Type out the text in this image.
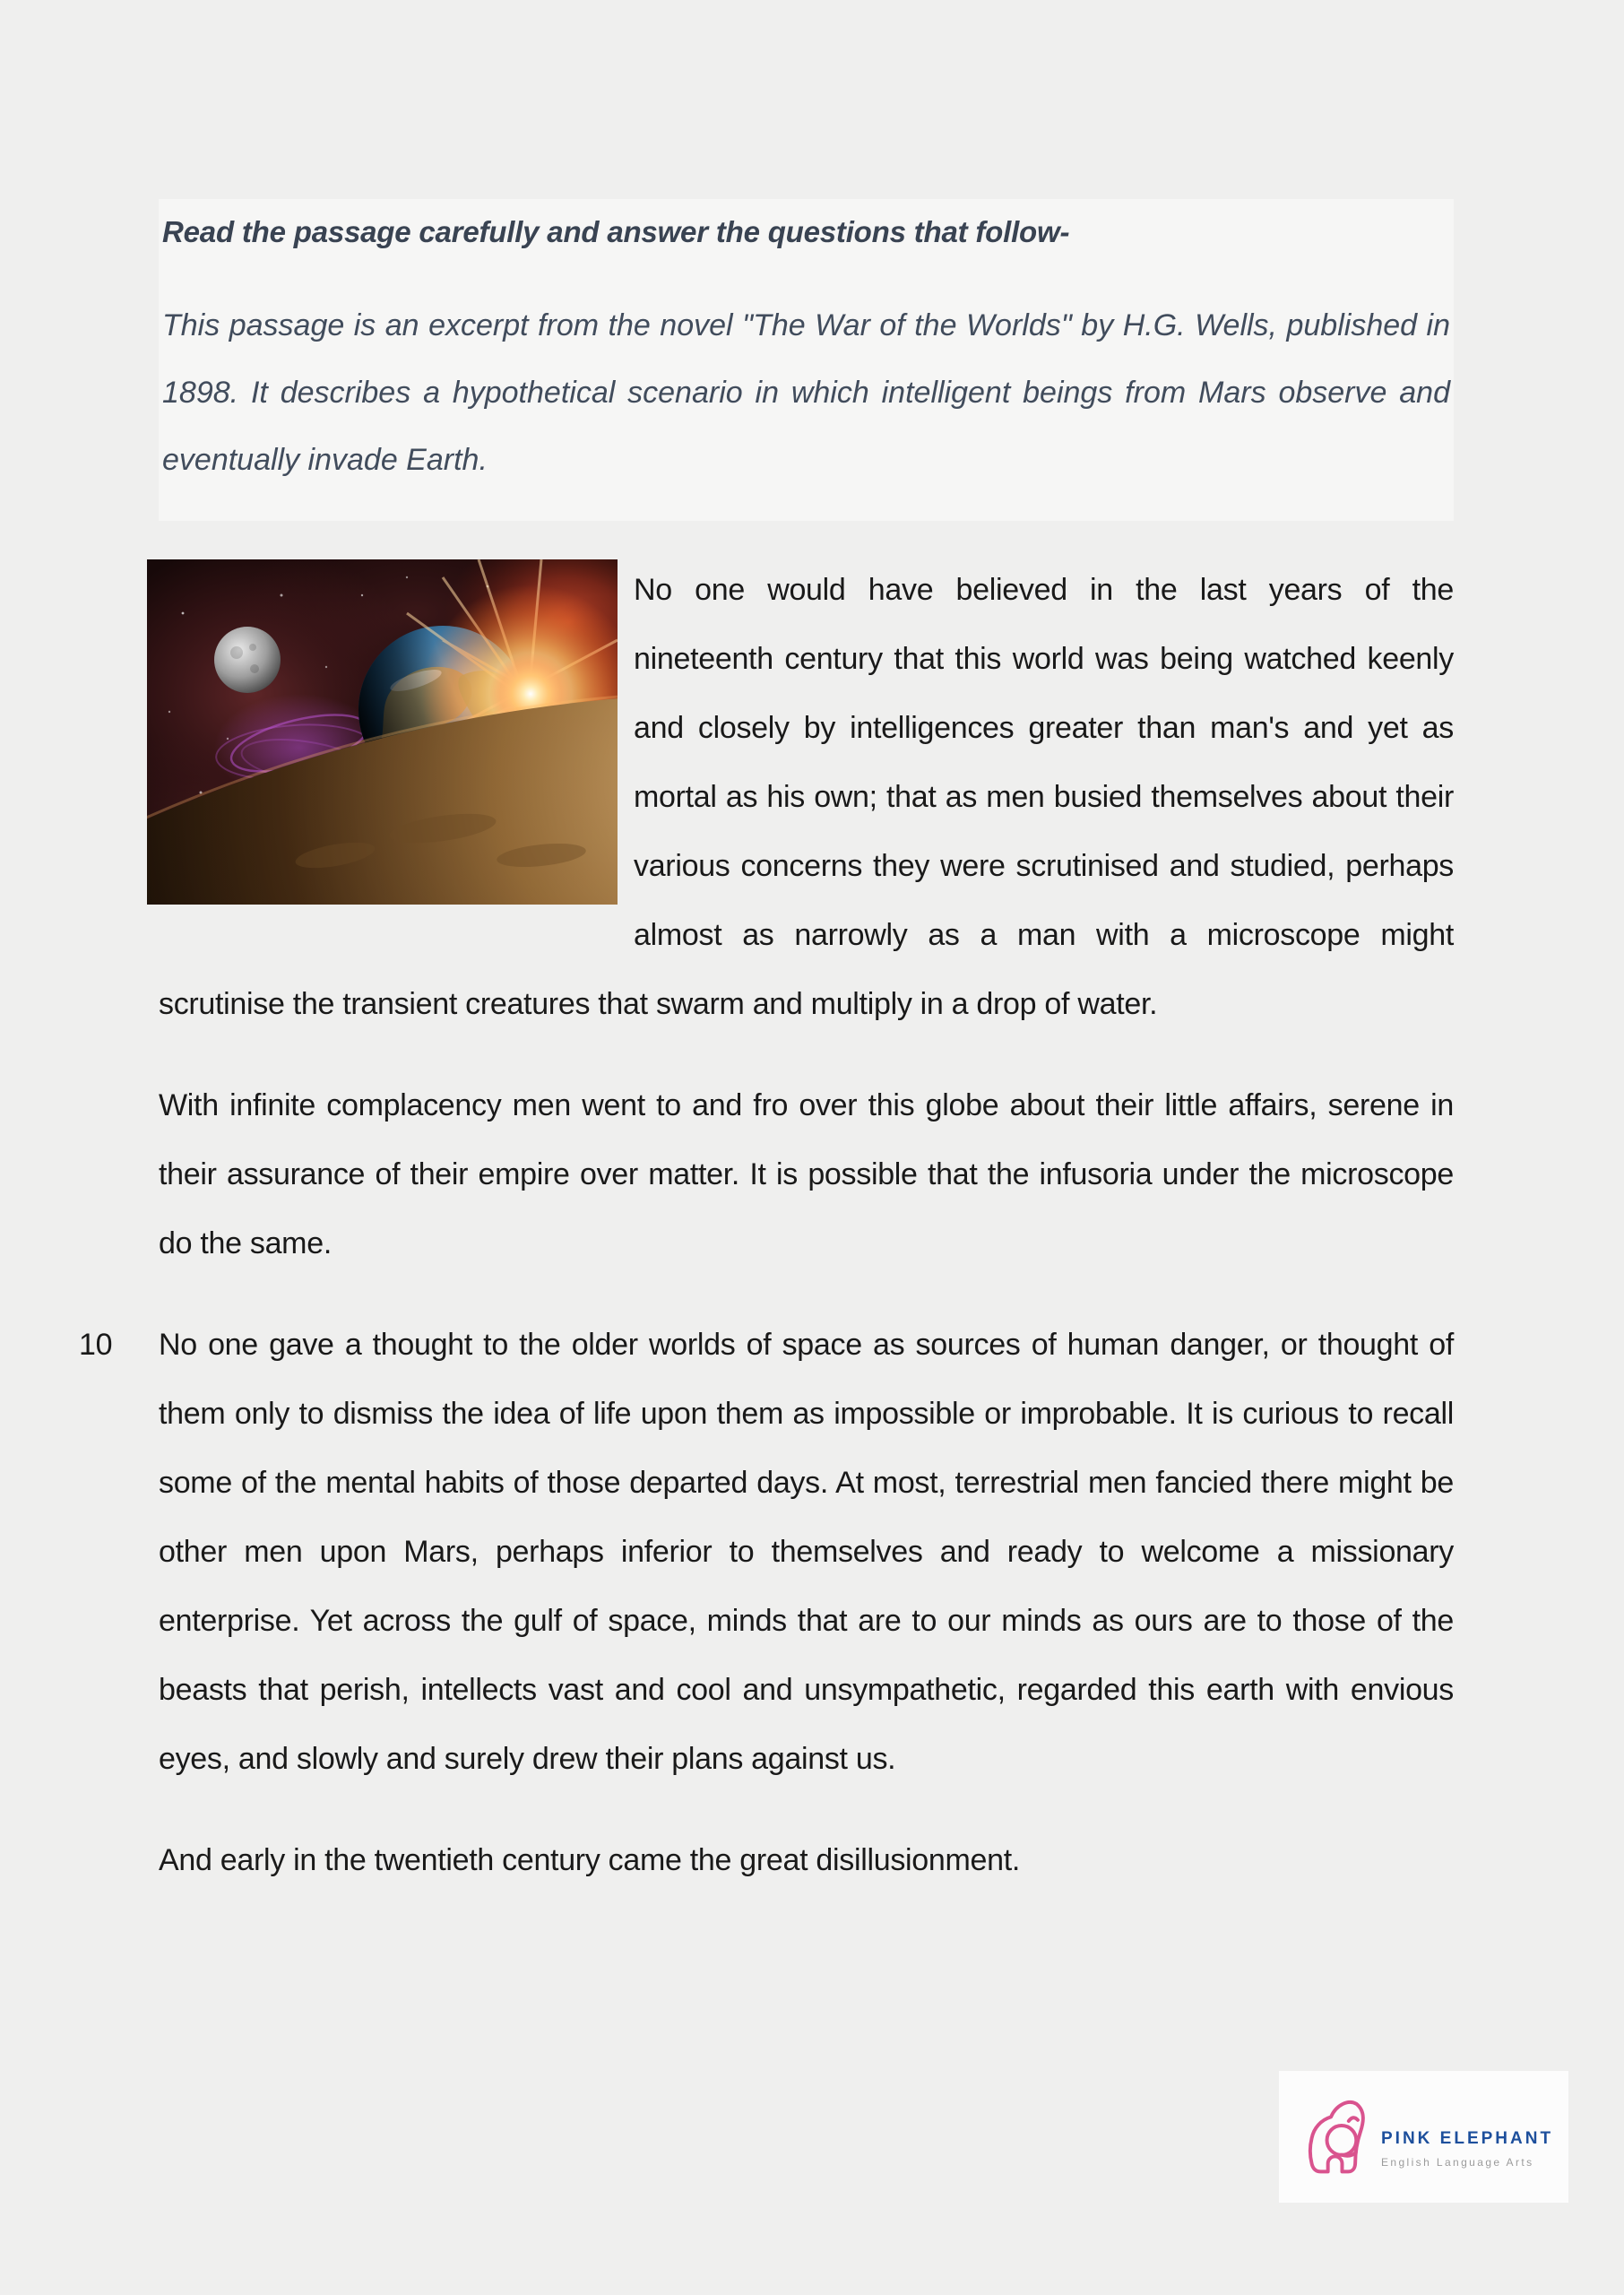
Read the passage carefully and answer the questions that follow-

This passage is an excerpt from the novel "The War of the Worlds" by H.G. Wells, published in 1898. It describes a hypothetical scenario in which intelligent beings from Mars observe and eventually invade Earth.

No one would have believed in the last years of the nineteenth century that this world was being watched keenly and closely by intelligences greater than man's and yet as mortal as his own; that as men busied themselves about their various concerns they were scrutinised and studied, perhaps almost as narrowly as a man with a microscope might scrutinise the transient creatures that swarm and multiply in a drop of water.

With infinite complacency men went to and fro over this globe about their little affairs, serene in their assurance of their empire over matter. It is possible that the infusoria under the microscope do the same.

10 No one gave a thought to the older worlds of space as sources of human danger, or thought of them only to dismiss the idea of life upon them as impossible or improbable. It is curious to recall some of the mental habits of those departed days. At most, terrestrial men fancied there might be other men upon Mars, perhaps inferior to themselves and ready to welcome a missionary enterprise. Yet across the gulf of space, minds that are to our minds as ours are to those of the beasts that perish, intellects vast and cool and unsympathetic, regarded this earth with envious eyes, and slowly and surely drew their plans against us.

And early in the twentieth century came the great disillusionment.

PINK ELEPHANT
English Language Arts
